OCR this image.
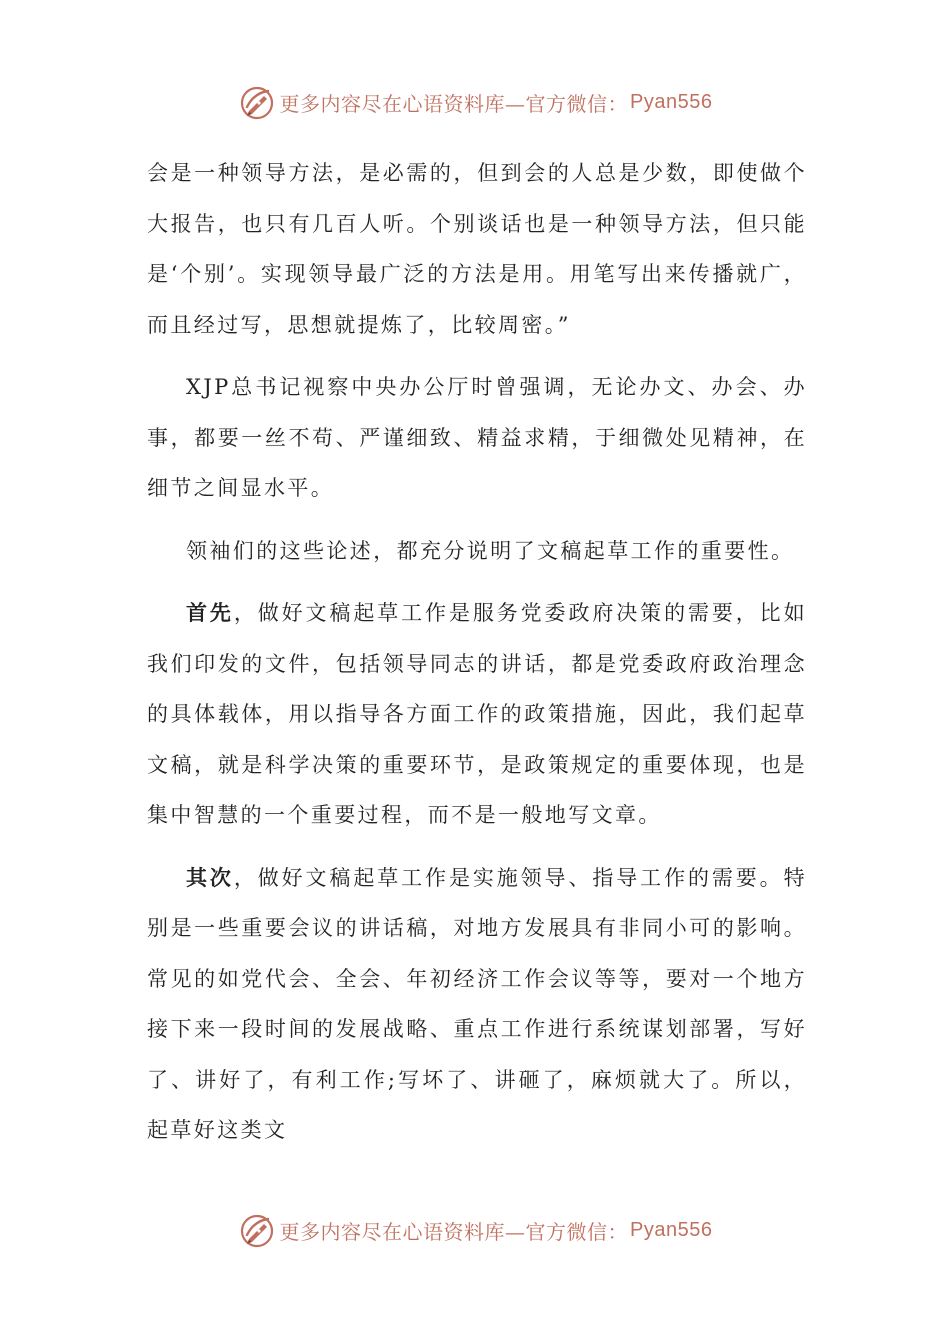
更多内容尽在心语资料库—官方微信： Pyan556

会是一种领导方法，是必需的，但到会的人总是少数，即使做个大报告，也只有几百人听。个别谈话也是一种领导方法，但只能是‘个别’。实现领导最广泛的方法是用。用笔写出来传播就广，而且经过写，思想就提炼了，比较周密。”

XJP总书记视察中央办公厅时曾强调，无论办文、办会、办事，都要一丝不苟、严谨细致、精益求精，于细微处见精神，在细节之间显水平。

领袖们的这些论述，都充分说明了文稿起草工作的重要性。

首先，做好文稿起草工作是服务党委政府决策的需要，比如我们印发的文件，包括领导同志的讲话，都是党委政府政治理念的具体载体，用以指导各方面工作的政策措施，因此，我们起草文稿，就是科学决策的重要环节，是政策规定的重要体现，也是集中智慧的一个重要过程，而不是一般地写文章。

其次，做好文稿起草工作是实施领导、指导工作的需要。特别是一些重要会议的讲话稿，对地方发展具有非同小可的影响。常见的如党代会、全会、年初经济工作会议等等，要对一个地方接下来一段时间的发展战略、重点工作进行系统谋划部署，写好了、讲好了，有利工作;写坏了、讲砸了，麻烦就大了。所以，起草好这类文

更多内容尽在心语资料库—官方微信： Pyan556
